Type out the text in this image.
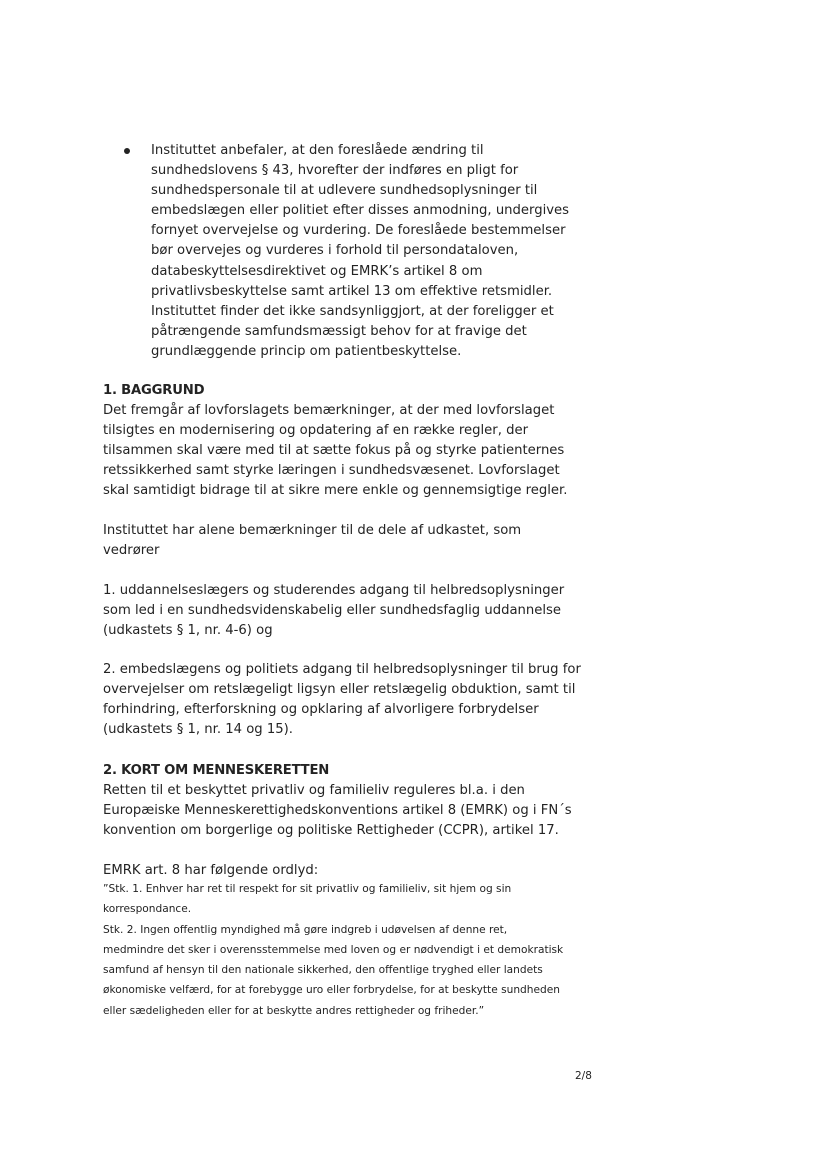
Instituttet anbefaler, at den foreslåede ændring til
sundhedslovens § 43, hvorefter der indføres en pligt for
sundhedspersonale til at udlevere sundhedsoplysninger til
embedslægen eller politiet efter disses anmodning, undergives
fornyet overvejelse og vurdering. De foreslåede bestemmelser
bør overvejes og vurderes i forhold til persondataloven,
databeskyttelsesdirektivet og EMRK’s artikel 8 om
privatlivsbeskyttelse samt artikel 13 om effektive retsmidler.
Instituttet finder det ikke sandsynliggjort, at der foreligger et
påtrængende samfundsmæssigt behov for at fravige det
grundlæggende princip om patientbeskyttelse.
1. BAGGRUND

Det fremgår af lovforslagets bemærkninger, at der med lovforslaget
tilsigtes en modernisering og opdatering af en række regler, der
tilsammen skal være med til at sætte fokus på og styrke patienternes
retssikkerhed samt styrke læringen i sundhedsvæsenet. Lovforslaget
skal samtidigt bidrage til at sikre mere enkle og gennemsigtige regler.

Instituttet har alene bemærkninger til de dele af udkastet, som
vedrører

1. uddannelseslægers og studerendes adgang til helbredsoplysninger
som led i en sundhedsvidenskabelig eller sundhedsfaglig uddannelse
(udkastets § 1, nr. 4-6) og

2. embedslægens og politiets adgang til helbredsoplysninger til brug for
overvejelser om retslægeligt ligsyn eller retslægelig obduktion, samt til
forhindring, efterforskning og opklaring af alvorligere forbrydelser
(udkastets § 1, nr. 14 og 15).

2. KORT OM MENNESKERETTEN

Retten til et beskyttet privatliv og familieliv reguleres bl.a. i den
Europæiske Menneskerettighedskonventions artikel 8 (EMRK) og i FN´s
konvention om borgerlige og politiske Rettigheder (CCPR), artikel 17.

EMRK art. 8 har følgende ordlyd:

”Stk. 1. Enhver har ret til respekt for sit privatliv og familieliv, sit hjem og sin
korrespondance.
Stk. 2. Ingen offentlig myndighed må gøre indgreb i udøvelsen af denne ret,
medmindre det sker i overensstemmelse med loven og er nødvendigt i et demokratisk
samfund af hensyn til den nationale sikkerhed, den offentlige tryghed eller landets
økonomiske velfærd, for at forebygge uro eller forbrydelse, for at beskytte sundheden
eller sædeligheden eller for at beskytte andres rettigheder og friheder.”

2/8
